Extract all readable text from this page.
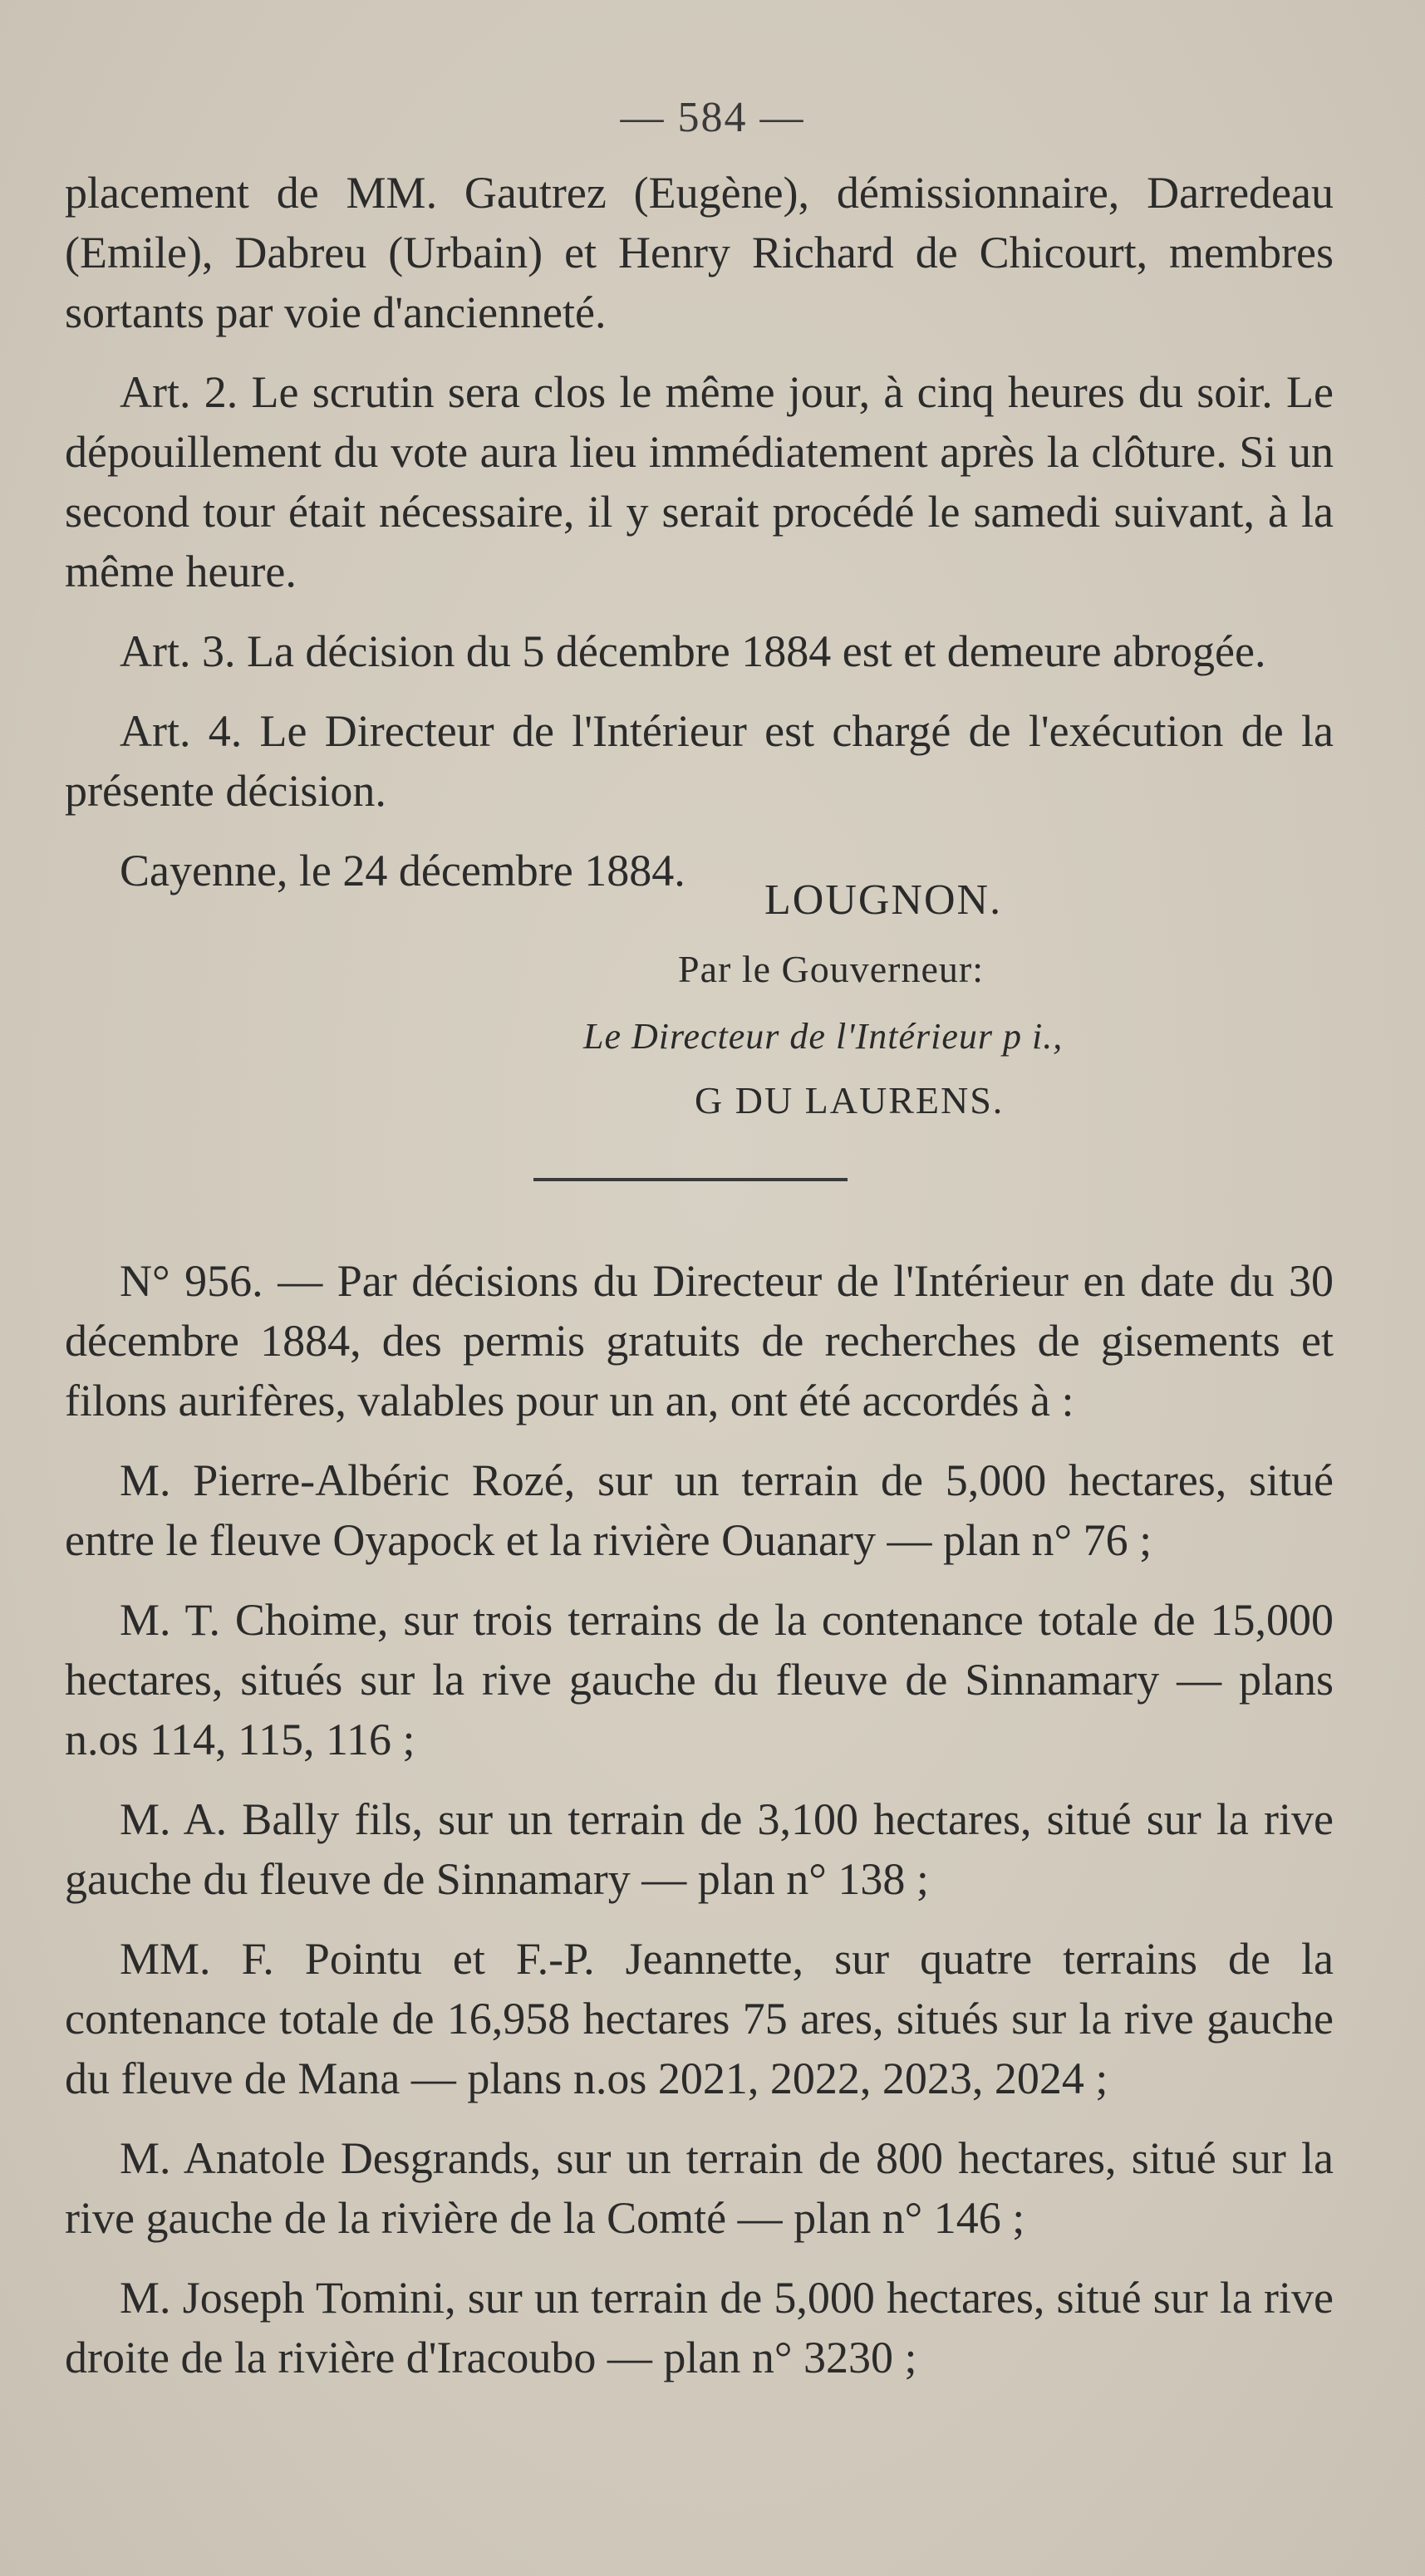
— 584 —

placement de MM. Gautrez (Eugène), démissionnaire, Darredeau (Emile), Dabreu (Urbain) et Henry Richard de Chicourt, membres sortants par voie d'ancienneté.

Art. 2. Le scrutin sera clos le même jour, à cinq heures du soir. Le dépouillement du vote aura lieu immédiatement après la clôture. Si un second tour était nécessaire, il y serait procédé le samedi suivant, à la même heure.

Art. 3. La décision du 5 décembre 1884 est et demeure abrogée.

Art. 4. Le Directeur de l'Intérieur est chargé de l'exécution de la présente décision.

Cayenne, le 24 décembre 1884.

LOUGNON.
Par le Gouverneur:
Le Directeur de l'Intérieur p i.,
G DU LAURENS.

N° 956. — Par décisions du Directeur de l'Intérieur en date du 30 décembre 1884, des permis gratuits de recherches de gisements et filons aurifères, valables pour un an, ont été accordés à :

M. Pierre-Albéric Rozé, sur un terrain de 5,000 hectares, situé entre le fleuve Oyapock et la rivière Ouanary — plan n° 76 ;

M. T. Choime, sur trois terrains de la contenance totale de 15,000 hectares, situés sur la rive gauche du fleuve de Sinnamary — plans n.os 114, 115, 116 ;

M. A. Bally fils, sur un terrain de 3,100 hectares, situé sur la rive gauche du fleuve de Sinnamary — plan n° 138 ;

MM. F. Pointu et F.-P. Jeannette, sur quatre terrains de la contenance totale de 16,958 hectares 75 ares, situés sur la rive gauche du fleuve de Mana — plans n.os 2021, 2022, 2023, 2024 ;

M. Anatole Desgrands, sur un terrain de 800 hectares, situé sur la rive gauche de la rivière de la Comté — plan n° 146 ;

M. Joseph Tomini, sur un terrain de 5,000 hectares, situé sur la rive droite de la rivière d'Iracoubo — plan n° 3230 ;
